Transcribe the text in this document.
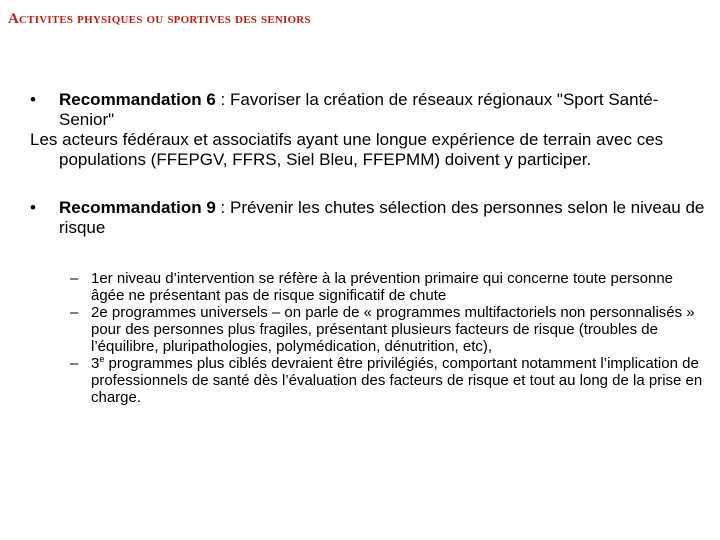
Activites physiques ou sportives des seniors

• Recommandation 6 : Favoriser la création de réseaux régionaux "Sport Santé- Senior"

Les acteurs fédéraux et associatifs ayant une longue expérience de terrain avec ces populations (FFEPGV, FFRS, Siel Bleu, FFEPMM) doivent y participer.

• Recommandation 9 : Prévenir les chutes sélection des personnes selon le niveau de risque

– 1er niveau d’intervention se réfère à la prévention primaire qui concerne toute personne âgée ne présentant pas de risque significatif de chute

– 2e programmes universels – on parle de « programmes multifactoriels non personnalisés » pour des personnes plus fragiles, présentant plusieurs facteurs de risque (troubles de l’équilibre, pluripathologies, polymédication, dénutrition, etc),

– 3e programmes plus ciblés devraient être privilégiés, comportant notamment l’implication de professionnels de santé dès l’évaluation des facteurs de risque et tout au long de la prise en charge.
